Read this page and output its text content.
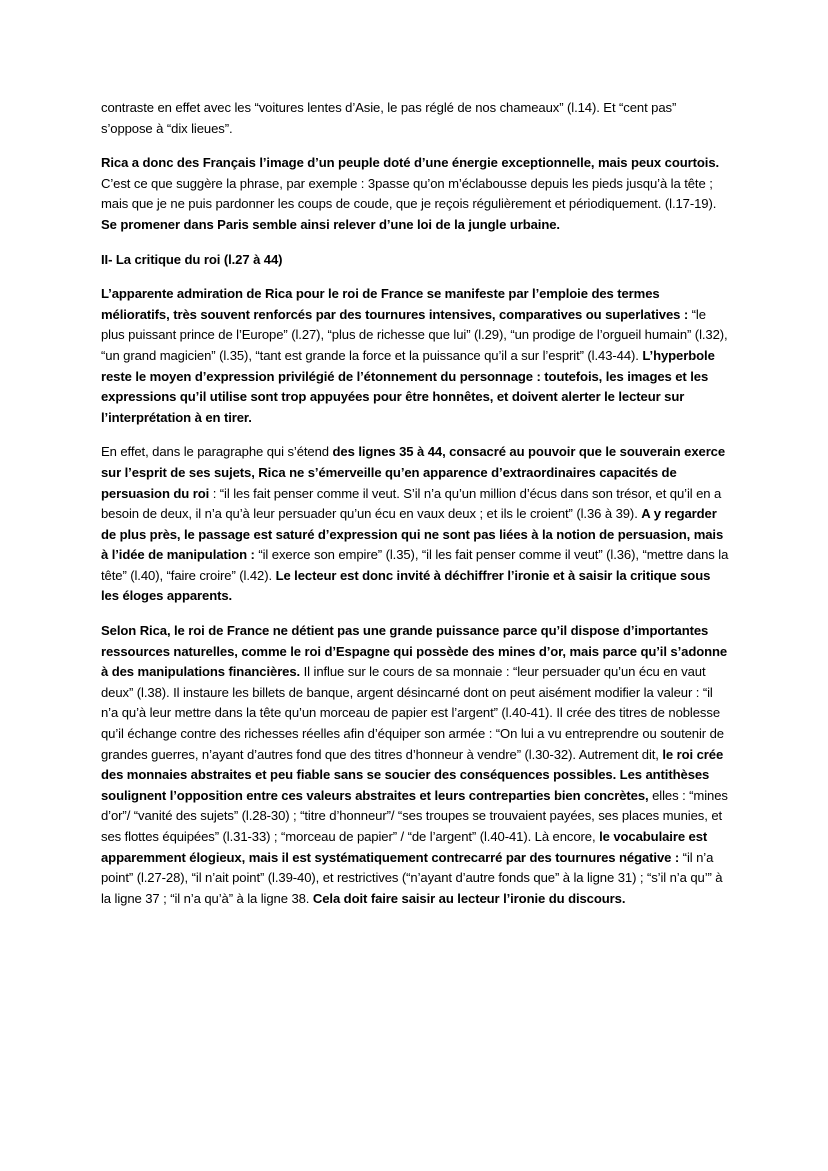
contraste en effet avec les “voitures lentes d’Asie, le pas réglé de nos chameaux” (l.14). Et “cent pas” s’oppose à “dix lieues”.

Rica a donc des Français l’image d’un peuple doté d’une énergie exceptionnelle, mais peux courtois. C’est ce que suggère la phrase, par exemple : 3passe qu’on m’éclabousse depuis les pieds jusqu’à la tête ; mais que je ne puis pardonner les coups de coude, que je reçois régulièrement et périodiquement. (l.17-19). Se promener dans Paris semble ainsi relever d’une loi de la jungle urbaine.

II- La critique du roi (l.27 à 44)

L’apparente admiration de Rica pour le roi de France se manifeste par l’emploie des termes mélioratifs, très souvent renforcés par des tournures intensives, comparatives ou superlatives : “le plus puissant prince de l’Europe” (l.27), “plus de richesse que lui” (l.29), “un prodige de l’orgueil humain” (l.32), “un grand magicien” (l.35), “tant est grande la force et la puissance qu’il a sur l’esprit” (l.43-44). L’hyperbole reste le moyen d’expression privilégié de l’étonnement du personnage : toutefois, les images et les expressions qu’il utilise sont trop appuyées pour être honnêtes, et doivent alerter le lecteur sur l’interprétation à en tirer.

En effet, dans le paragraphe qui s’étend des lignes 35 à 44, consacré au pouvoir que le souverain exerce sur l’esprit de ses sujets, Rica ne s’émerveille qu’en apparence d’extraordinaires capacités de persuasion du roi : “il les fait penser comme il veut. S’il n’a qu’un million d’écus dans son trésor, et qu’il en a besoin de deux, il n’a qu’à leur persuader qu’un écu en vaux deux ; et ils le croient” (l.36 à 39). A y regarder de plus près, le passage est saturé d’expression qui ne sont pas liées à la notion de persuasion, mais à l’idée de manipulation : “il exerce son empire” (l.35), “il les fait penser comme il veut” (l.36), “mettre dans la tête” (l.40), “faire croire” (l.42). Le lecteur est donc invité à déchiffrer l’ironie et à saisir la critique sous les éloges apparents.

Selon Rica, le roi de France ne détient pas une grande puissance parce qu’il dispose d’importantes ressources naturelles, comme le roi d’Espagne qui possède des mines d’or, mais parce qu’il s’adonne à des manipulations financières. Il influe sur le cours de sa monnaie : “leur persuader qu’un écu en vaut deux” (l.38). Il instaure les billets de banque, argent désincarné dont on peut aisément modifier la valeur : “il n’a qu’à leur mettre dans la tête qu’un morceau de papier est l’argent” (l.40-41). Il crée des titres de noblesse qu’il échange contre des richesses réelles afin d’équiper son armée : “On lui a vu entreprendre ou soutenir de grandes guerres, n’ayant d’autres fond que des titres d’honneur à vendre” (l.30-32). Autrement dit, le roi crée des monnaies abstraites et peu fiable sans se soucier des conséquences possibles. Les antithèses soulignent l’opposition entre ces valeurs abstraites et leurs contreparties bien concrètes, elles : “mines d’or”/ “vanité des sujets” (l.28-30) ; “titre d’honneur”/ “ses troupes se trouvaient payées, ses places munies, et ses flottes équipées” (l.31-33) ; “morceau de papier” / “de l’argent” (l.40-41). Là encore, le vocabulaire est apparemment élogieux, mais il est systématiquement contrecarré par des tournures négative : “il n’a point” (l.27-28), “il n’ait point” (l.39-40), et restrictives (“n’ayant d’autre fonds que” à la ligne 31) ; “s’il n’a qu’” à la ligne 37 ; “il n’a qu’à” à la ligne 38. Cela doit faire saisir au lecteur l’ironie du discours.
